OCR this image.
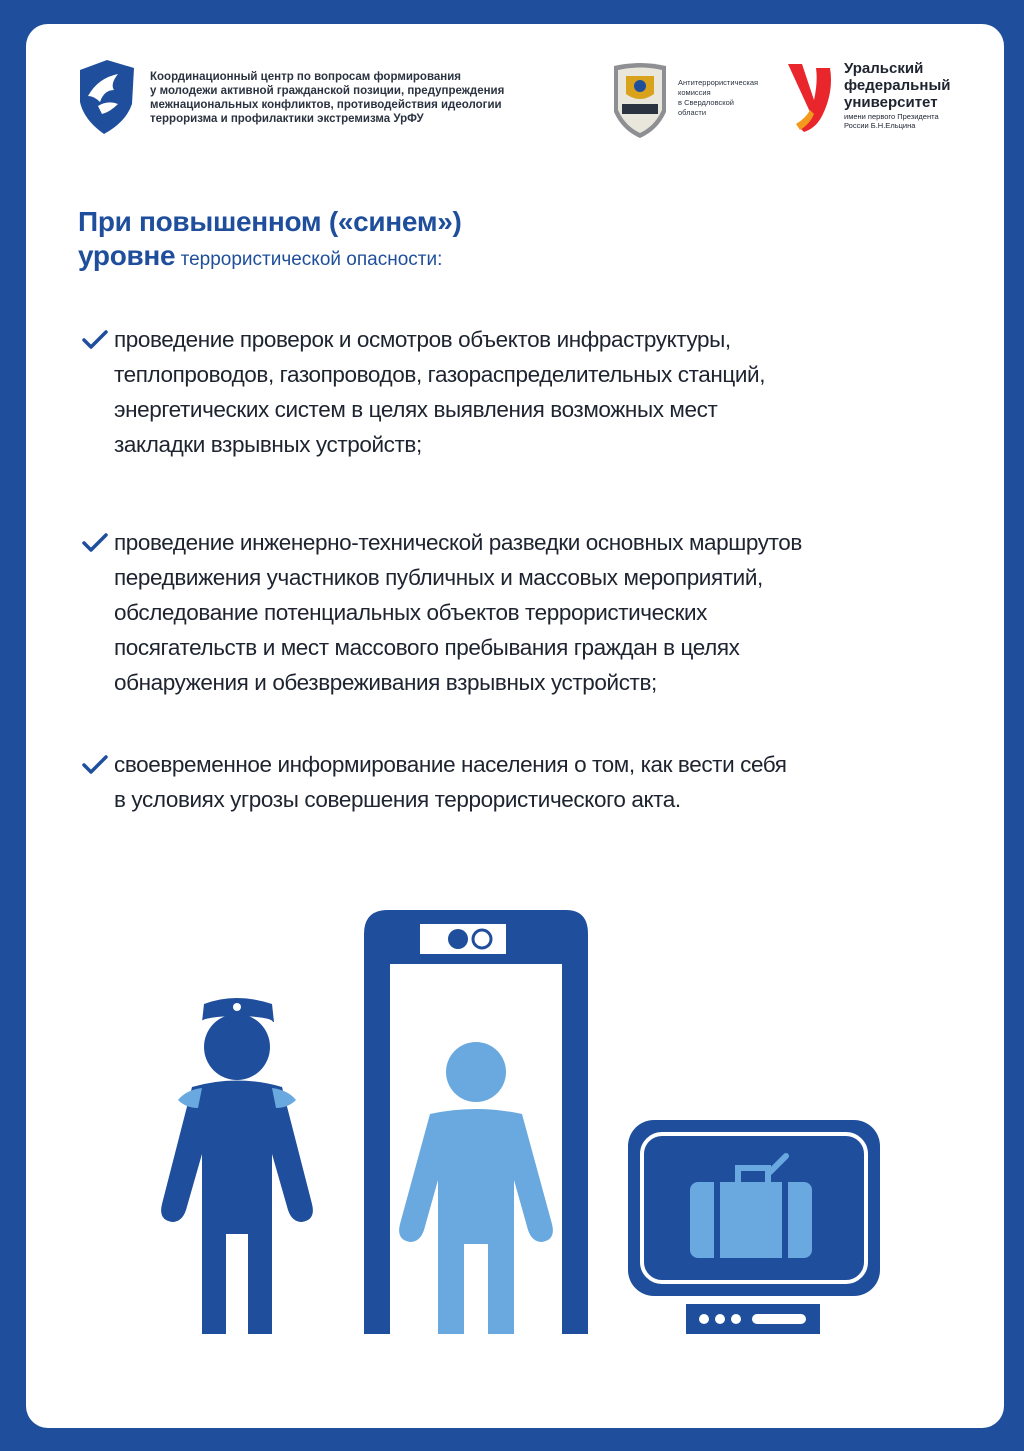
Координационный центр по вопросам формирования
у молодежи активной гражданской позиции, предупреждения
межнациональных конфликтов, противодействия идеологии
терроризма и профилактики экстремизма УрФУ
Антитеррористическая
комиссия
в Свердловской
области
Уральский
федеральный
университет
имени первого Президента
России Б.Н.Ельцина
При повышенном («синем»)
уровне террористической опасности:
проведение проверок и осмотров объектов инфраструктуры,
теплопроводов, газопроводов, газораспределительных станций,
энергетических систем в целях выявления возможных мест
закладки взрывных устройств;
проведение инженерно-технической разведки основных маршрутов
передвижения участников публичных и массовых мероприятий,
обследование потенциальных объектов террористических
посягательств и мест массового пребывания граждан в целях
обнаружения и обезвреживания взрывных устройств;
своевременное информирование населения о том, как вести себя
в условиях угрозы совершения террористического акта.
